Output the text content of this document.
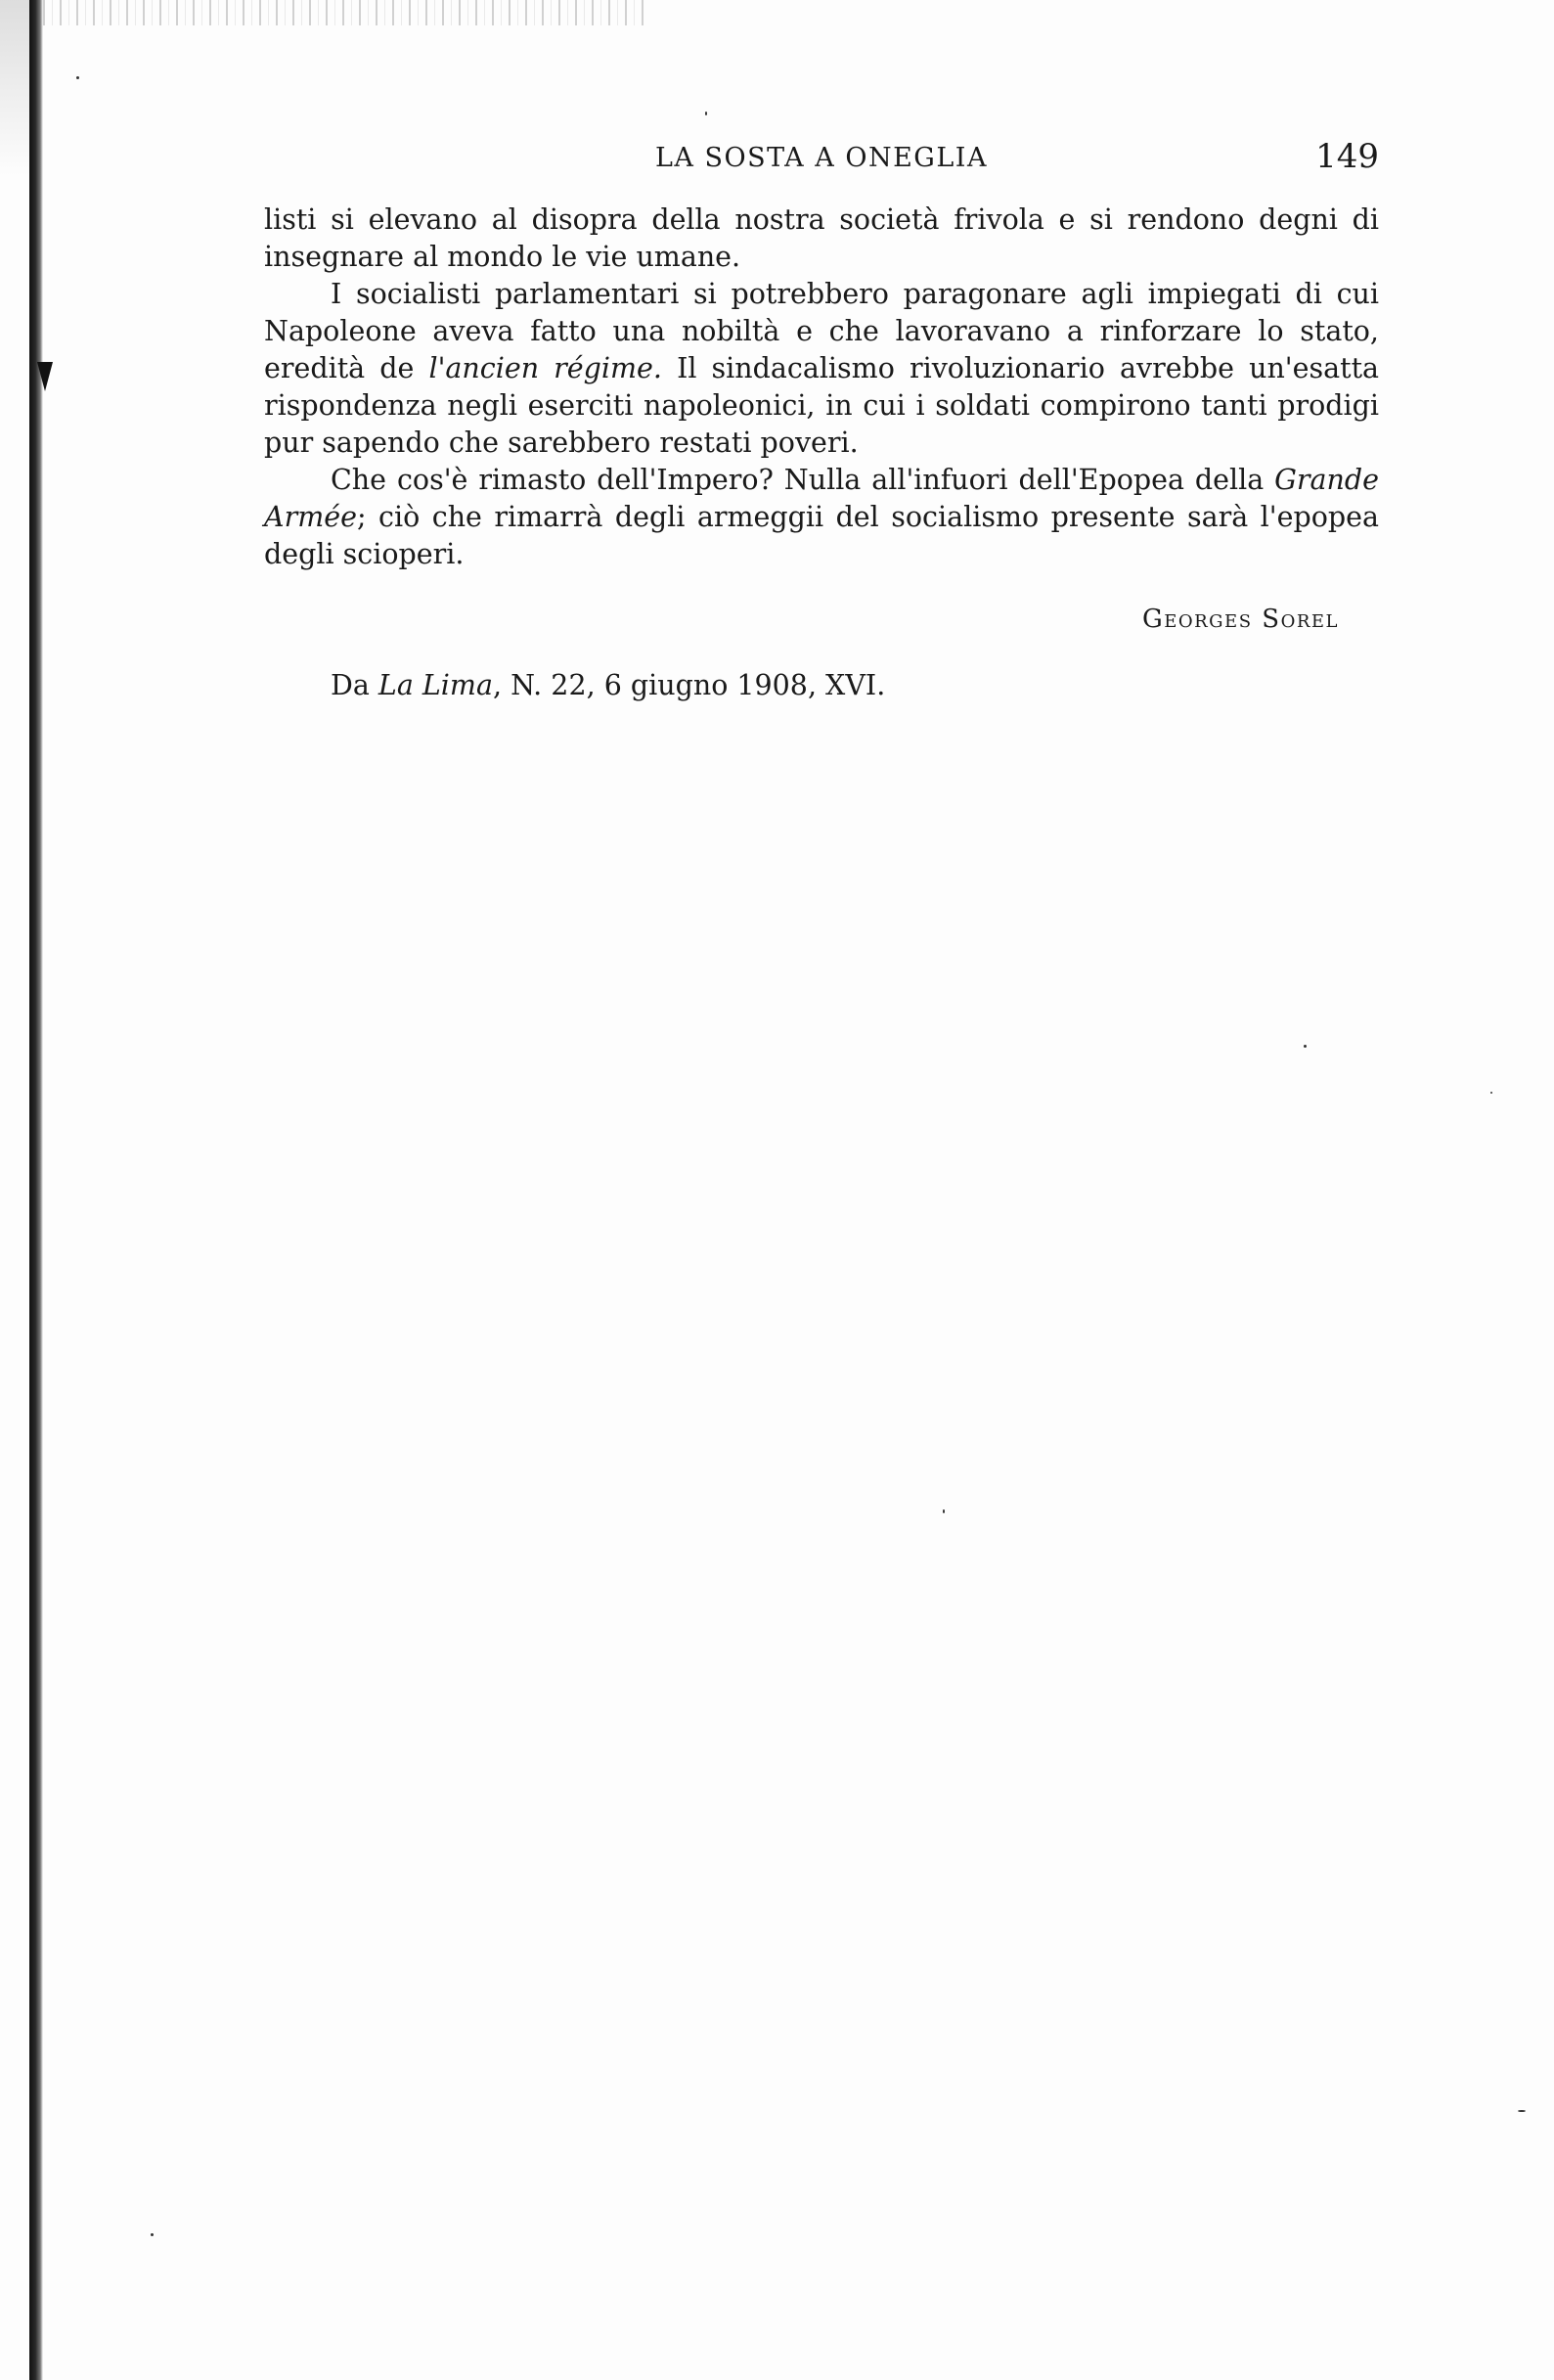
LA SOSTA A ONEGLIA	149

listi si elevano al disopra della nostra società frivola e si rendono degni di insegnare al mondo le vie umane.

I socialisti parlamentari si potrebbero paragonare agli impiegati di cui Napoleone aveva fatto una nobiltà e che lavoravano a rinforzare lo stato, eredità de l'ancien régime. Il sindacalismo rivoluzionario avrebbe un'esatta rispondenza negli eserciti napoleonici, in cui i soldati compirono tanti prodigi pur sapendo che sarebbero restati poveri.

Che cos'è rimasto dell'Impero? Nulla all'infuori dell'Epopea della Grande Armée; ciò che rimarrà degli armeggii del socialismo presente sarà l'epopea degli scioperi.

Georges Sorel
Da La Lima, N. 22, 6 giugno 1908, XVI.
